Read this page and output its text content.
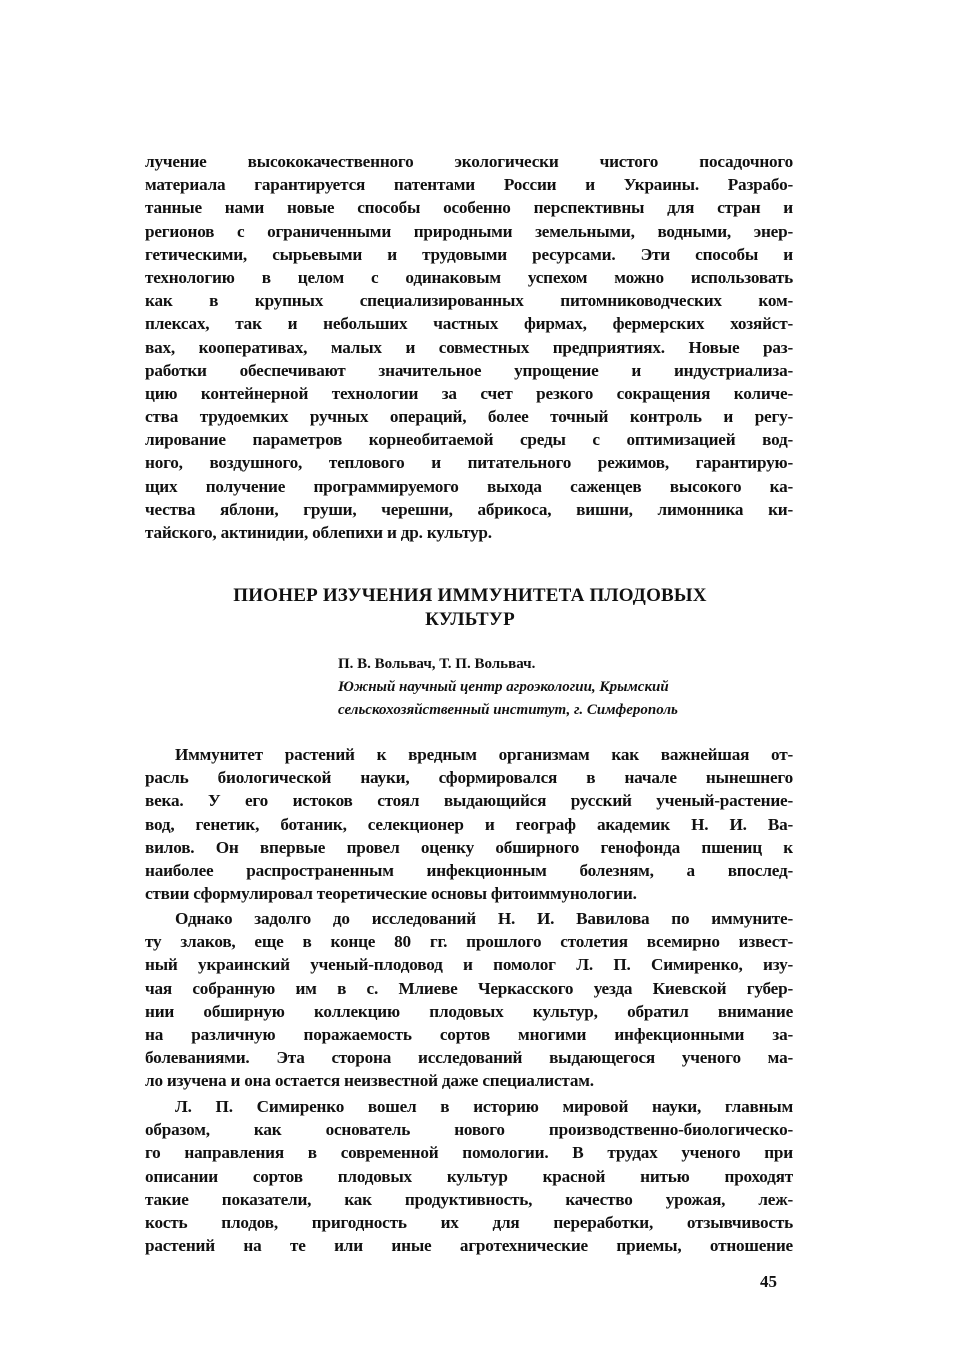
лучение высококачественного экологически чистого посадочного
материала гарантируется патентами России и Украины. Разрабо-
танные нами новые способы особенно перспективны для стран и
регионов с ограниченными природными земельными, водными, энер-
гетическими, сырьевыми и трудовыми ресурсами. Эти способы и
технологию в целом с одинаковым успехом можно использовать
как в крупных специализированных питомниководческих ком-
плексах, так и небольших частных фирмах, фермерских хозяйст-
вах, кооперативах, малых и совместных предприятиях. Новые раз-
работки обеспечивают значительное упрощение и индустриализа-
цию контейнерной технологии за счет резкого сокращения количе-
ства трудоемких ручных операций, более точный контроль и регу-
лирование параметров корнеобитаемой среды с оптимизацией вод-
ного, воздушного, теплового и питательного режимов, гарантирую-
щих получение программируемого выхода саженцев высокого ка-
чества яблони, груши, черешни, абрикоса, вишни, лимонника ки-
тайского, актинидии, облепихи и др. культур.
ПИОНЕР ИЗУЧЕНИЯ ИММУНИТЕТА ПЛОДОВЫХ
КУЛЬТУР
П. В. Вольвач, Т. П. Вольвач.
Южный научный центр агроэкологии, Крымский
сельскохозяйственный институт, г. Симферополь
Иммунитет растений к вредным организмам как важнейшая от-
расль биологической науки, сформировался в начале нынешнего
века. У его истоков стоял выдающийся русский ученый-растение-
вод, генетик, ботаник, селекционер и географ академик Н. И. Ва-
вилов. Он впервые провел оценку обширного генофонда пшениц к
наиболее распространенным инфекционным болезням, а впослед-
ствии сформулировал теоретические основы фитоиммунологии.
Однако задолго до исследований Н. И. Вавилова по иммуните-
ту злаков, еще в конце 80 гг. прошлого столетия всемирно извест-
ный украинский ученый-плодовод и помолог Л. П. Симиренко, изу-
чая собранную им в с. Млиеве Черкасского уезда Киевской губер-
нии обширную коллекцию плодовых культур, обратил внимание
на различную поражаемость сортов многими инфекционными за-
болеваниями. Эта сторона исследований выдающегося ученого ма-
ло изучена и она остается неизвестной даже специалистам.
Л. П. Симиренко вошел в историю мировой науки, главным
образом, как основатель нового производственно-биологическо-
го направления в современной помологии. В трудах ученого при
описании сортов плодовых культур красной нитью проходят
такие показатели, как продуктивность, качество урожая, леж-
кость плодов, пригодность их для переработки, отзывчивость
растений на те или иные агротехнические приемы, отношение
45
